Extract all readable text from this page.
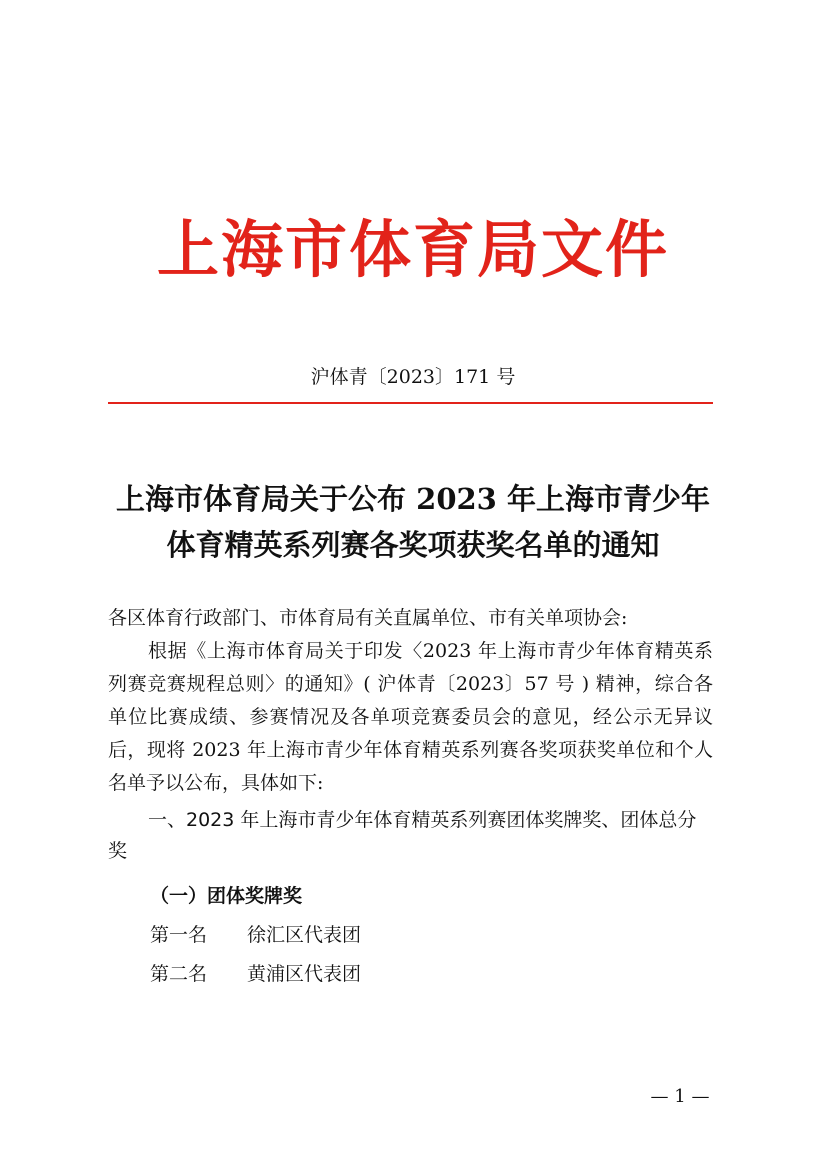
上海市体育局文件
沪体青〔2023〕171 号
上海市体育局关于公布 2023 年上海市青少年
体育精英系列赛各奖项获奖名单的通知

各区体育行政部门、市体育局有关直属单位、市有关单项协会:

根据《上海市体育局关于印发〈2023 年上海市青少年体育精英系列赛竞赛规程总则〉的通知》( 沪体青〔2023〕57 号 ) 精神，综合各单位比赛成绩、参赛情况及各单项竞赛委员会的意见，经公示无异议后，现将 2023 年上海市青少年体育精英系列赛各奖项获奖单位和个人名单予以公布，具体如下:

一、2023 年上海市青少年体育精英系列赛团体奖牌奖、团体总分奖

（一）团体奖牌奖

第一名 徐汇区代表团

第二名 黄浦区代表团

— 1 —
